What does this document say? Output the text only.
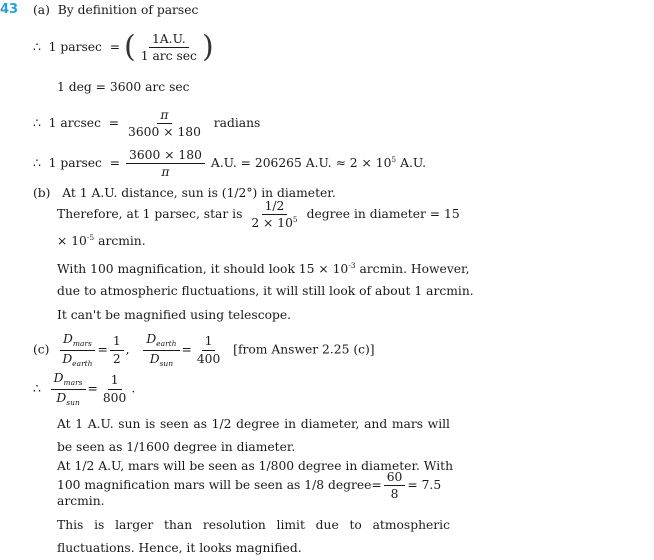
43 (a) By definition of parsec
∴ 1 parsec = ( $\frac{1A.U.}{\text{1 arc sec}}$ )
1 deg = 3600 arc sec
∴ 1 $arcsec = \frac{\pi}{3600 \times 180}$ radians
∴ 1 $parsec = \frac{3600 \times 180}{\pi} A.U$. = 206265 A.U. ≈ $2 \times 10^5$ A.U.
(b) At 1 A.U. distance, sun is (1/2°) in diameter.
Therefore, at 1 parsec, star is $\frac{1/2}{2 \times 10^5}$ degree in diameter = 15
× $10^{-5}$ arcmin.
With 100 magnification, it should look $15 \times 10^{-3}$ arcmin. However,
due to atmospheric fluctuations, it will still look of about 1 arcmin.
It can't be magnified using telescope.
$(c) \frac{D_{mars}}{D_{earth}} = \frac{1}{2}$ , $\frac{D_{earth}}{D_{sun}} = \frac{1}{400}$ [from Answer 2.25 (c)]
∴ $\frac{D_{mars}}{D_{sun}} = \frac{1}{800}$ .
At 1 A.U. sun is seen as 1/2 degree in diameter, and mars will be seen as 1/1600 degree in diameter.
At 1/2 A.U, mars will be seen as 1/800 degree in diameter. With
100 magnification mars will be seen as 1/8 degree= $\frac{60}{8} = 7.5$
arcmin.
This is larger than resolution limit due to atmospheric fluctuations. Hence, it looks magnified.
